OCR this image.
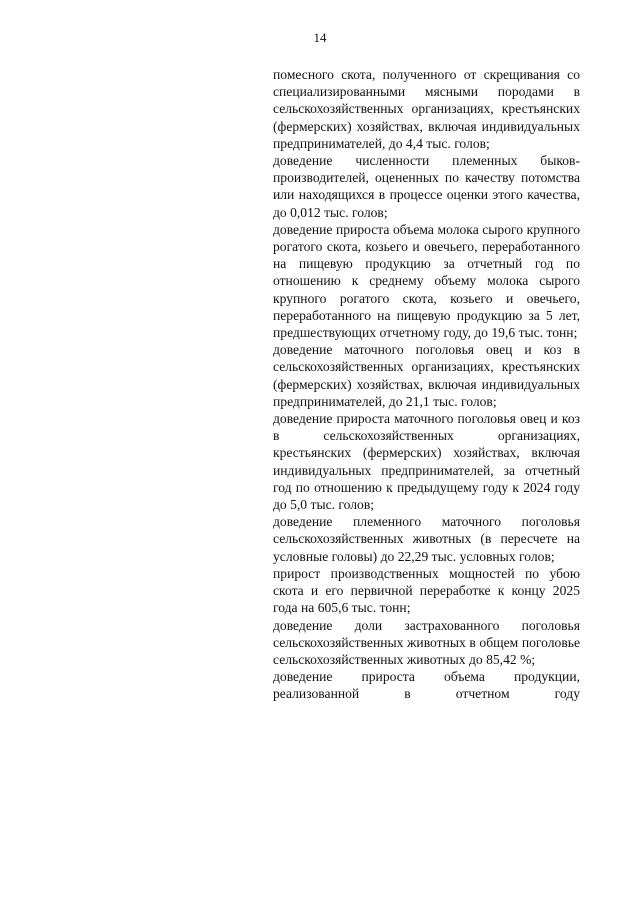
14

помесного скота, полученного от скрещивания со специализированными мясными породами в сельскохозяйственных организациях, крестьянских (фермерских) хозяйствах, включая индивидуальных предпринимателей, до 4,4 тыс. голов;

доведение численности племенных быков-производителей, оцененных по качеству потомства или находящихся в процессе оценки этого качества, до 0,012 тыс. голов;

доведение прироста объема молока сырого крупного рогатого скота, козьего и овечьего, переработанного на пищевую продукцию за отчетный год по отношению к среднему объему молока сырого крупного рогатого скота, козьего и овечьего, переработанного на пищевую продукцию за 5 лет, предшествующих отчетному году, до 19,6 тыс. тонн;

доведение маточного поголовья овец и коз в сельскохозяйственных организациях, крестьянских (фермерских) хозяйствах, включая индивидуальных предпринимателей, до 21,1 тыс. голов;

доведение прироста маточного поголовья овец и коз в сельскохозяйственных организациях, крестьянских (фермерских) хозяйствах, включая индивидуальных предпринимателей, за отчетный год по отношению к предыдущему году к 2024 году до 5,0 тыс. голов;

доведение племенного маточного поголовья сельскохозяйственных животных (в пересчете на условные головы) до 22,29 тыс. условных голов;

прирост производственных мощностей по убою скота и его первичной переработке к концу 2025 года на 605,6 тыс. тонн;

доведение доли застрахованного поголовья сельскохозяйственных животных в общем поголовье сельскохозяйственных животных до 85,42 %;

доведение прироста объема продукции, реализованной в отчетном году
